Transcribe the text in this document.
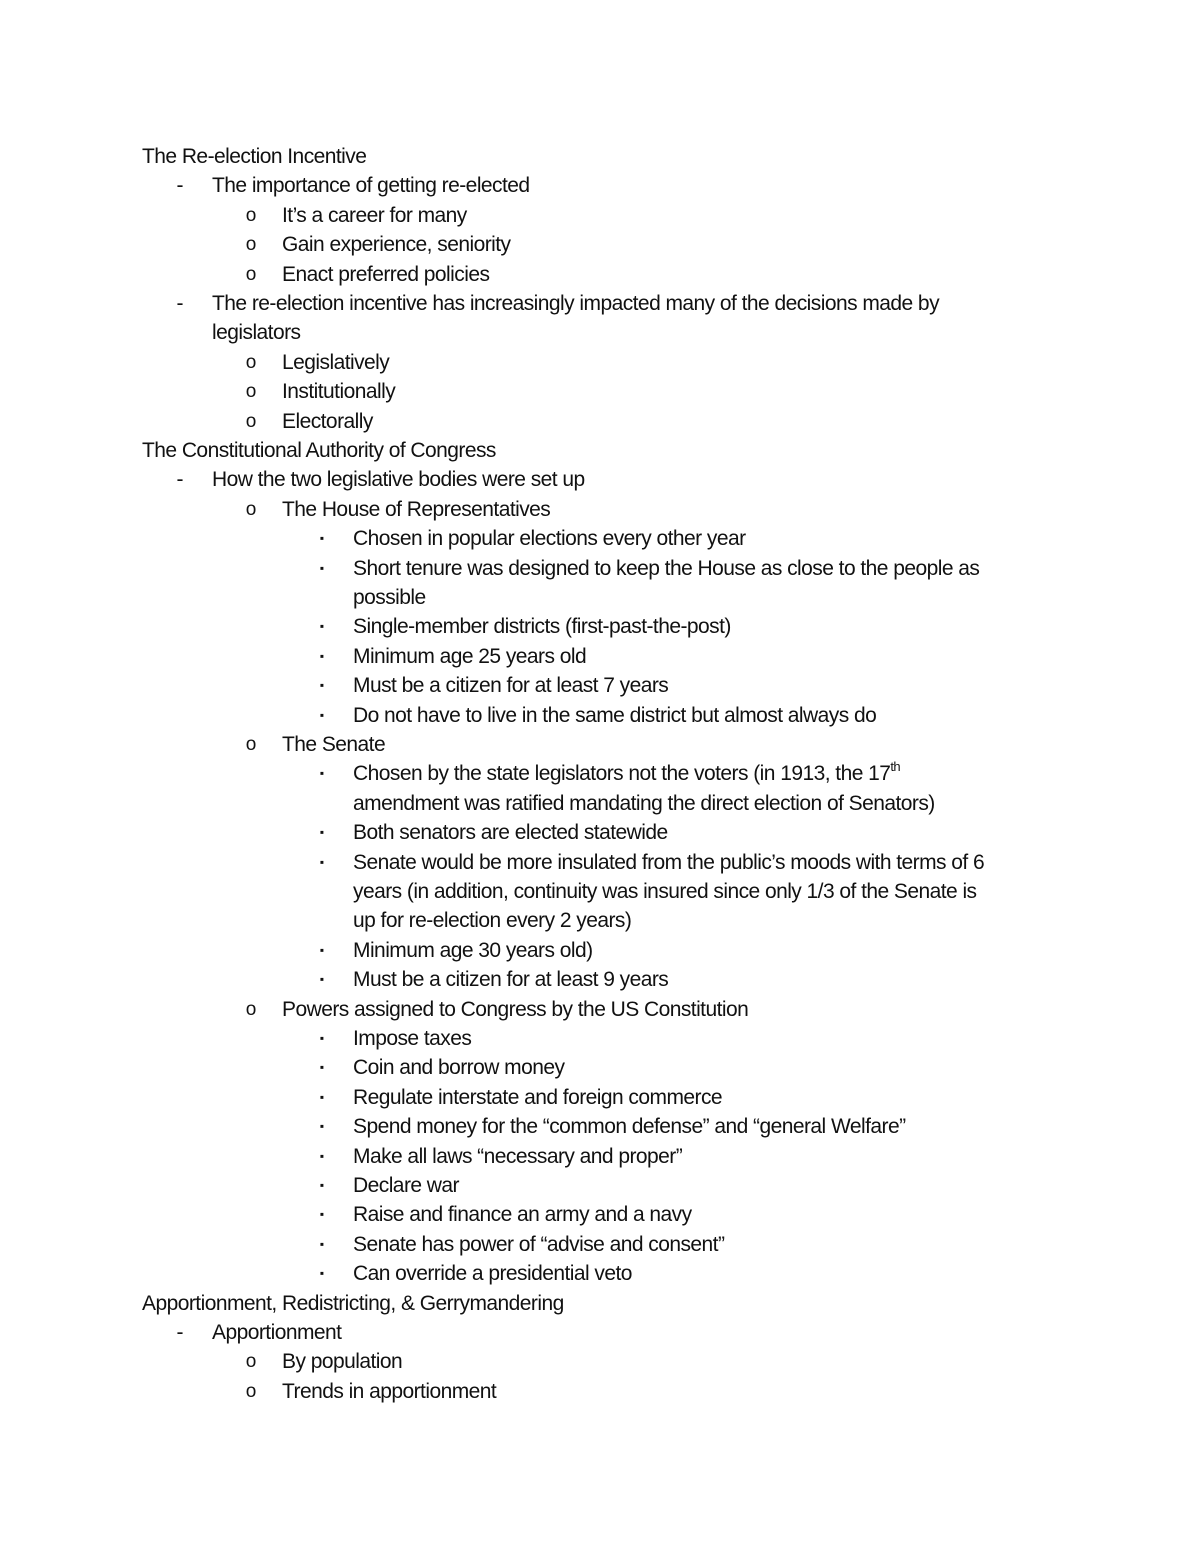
The Re-election Incentive
- The importance of getting re-elected
o It’s a career for many
o Gain experience, seniority
o Enact preferred policies
- The re-election incentive has increasingly impacted many of the decisions made by
legislators
o Legislatively
o Institutionally
o Electorally
The Constitutional Authority of Congress
- How the two legislative bodies were set up
o The House of Representatives
▪ Chosen in popular elections every other year
▪ Short tenure was designed to keep the House as close to the people as
possible
▪ Single-member districts (first-past-the-post)
▪ Minimum age 25 years old
▪ Must be a citizen for at least 7 years
▪ Do not have to live in the same district but almost always do
o The Senate
▪ Chosen by the state legislators not the voters (in 1913, the 17th
amendment was ratified mandating the direct election of Senators)
▪ Both senators are elected statewide
▪ Senate would be more insulated from the public’s moods with terms of 6
years (in addition, continuity was insured since only 1/3 of the Senate is
up for re-election every 2 years)
▪ Minimum age 30 years old)
▪ Must be a citizen for at least 9 years
o Powers assigned to Congress by the US Constitution
▪ Impose taxes
▪ Coin and borrow money
▪ Regulate interstate and foreign commerce
▪ Spend money for the “common defense” and “general Welfare”
▪ Make all laws “necessary and proper”
▪ Declare war
▪ Raise and finance an army and a navy
▪ Senate has power of “advise and consent”
▪ Can override a presidential veto
Apportionment, Redistricting, & Gerrymandering
- Apportionment
o By population
o Trends in apportionment
